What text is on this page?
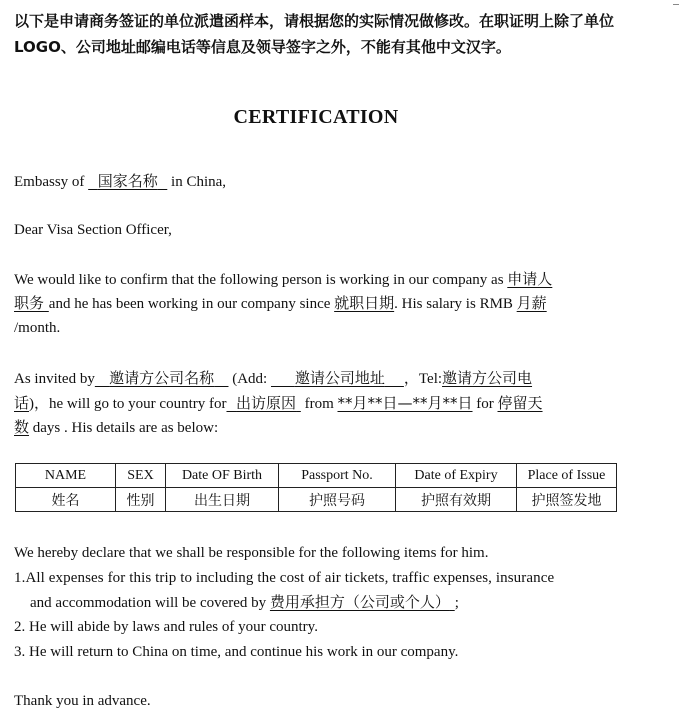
以下是申请商务签证的单位派遣函样本，请根据您的实际情况做修改。在职证明上除了单位 LOGO、公司地址邮编电话等信息及领导签字之外，不能有其他中文汉字。
CERTIFICATION
Embassy of 国家名称 in China,
Dear Visa Section Officer,
We would like to confirm that the following person is working in our company as 申请人
职务 and he has been working in our company since 就职日期. His salary is RMB 月薪
/month.
As invited by 邀请方公司名称 (Add: 邀请公司地址 ，Tel:邀请方公司电
话)，he will go to your country for 出访原因 from **月**日—**月**日 for 停留天
数 days . His details are as below:
NAME	SEX	Date OF Birth	Passport No.	Date of Expiry	Place of Issue
姓名	性别	出生日期	护照号码	护照有效期	护照签发地
We hereby declare that we shall be responsible for the following items for him.
1.All expenses for this trip to including the cost of air tickets, traffic expenses, insurance
and accommodation will be covered by 费用承担方（公司或个人） ;
2. He will abide by laws and rules of your country.
3. He will return to China on time, and continue his work in our company.
Thank you in advance.
